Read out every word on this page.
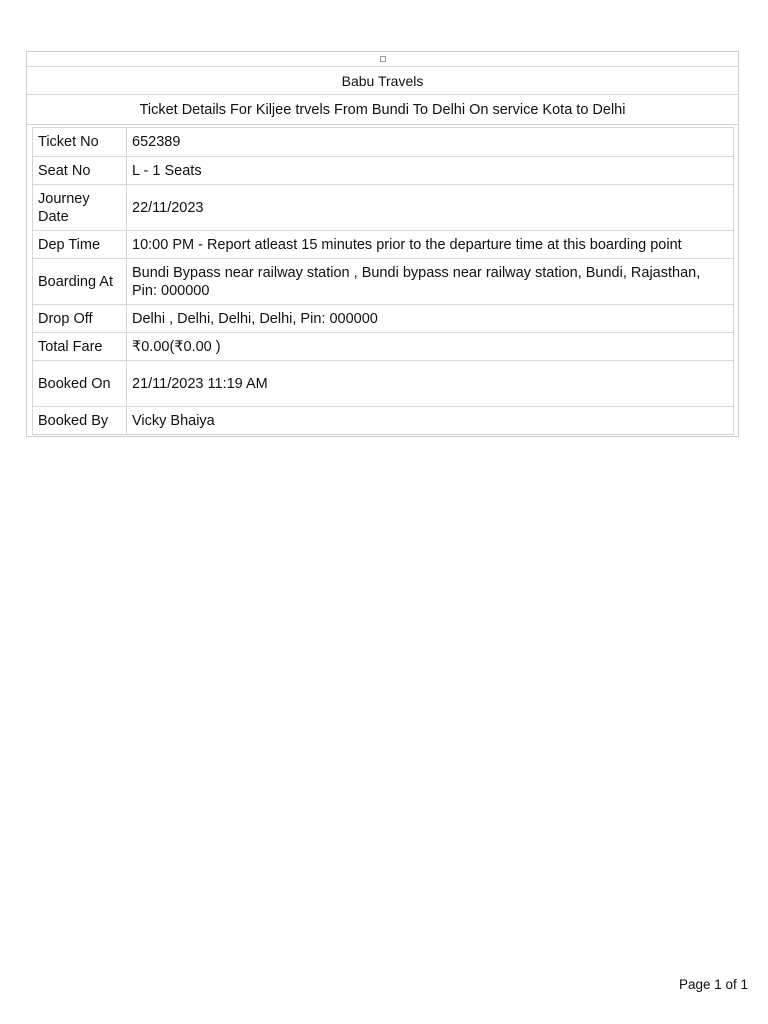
Babu Travels
Ticket Details For Kiljee trvels From Bundi To Delhi On service Kota to Delhi
Ticket No	652389
Seat No	L - 1 Seats
Journey Date	22/11/2023
Dep Time	10:00 PM - Report atleast 15 minutes prior to the departure time at this boarding point
Boarding At	Bundi Bypass near railway station , Bundi bypass near railway station, Bundi, Rajasthan, Pin: 000000
Drop Off	Delhi , Delhi, Delhi, Delhi, Pin: 000000
Total Fare	₹0.00(₹0.00 )
Booked On	21/11/2023 11:19 AM
Booked By	Vicky Bhaiya
Page 1 of 1
